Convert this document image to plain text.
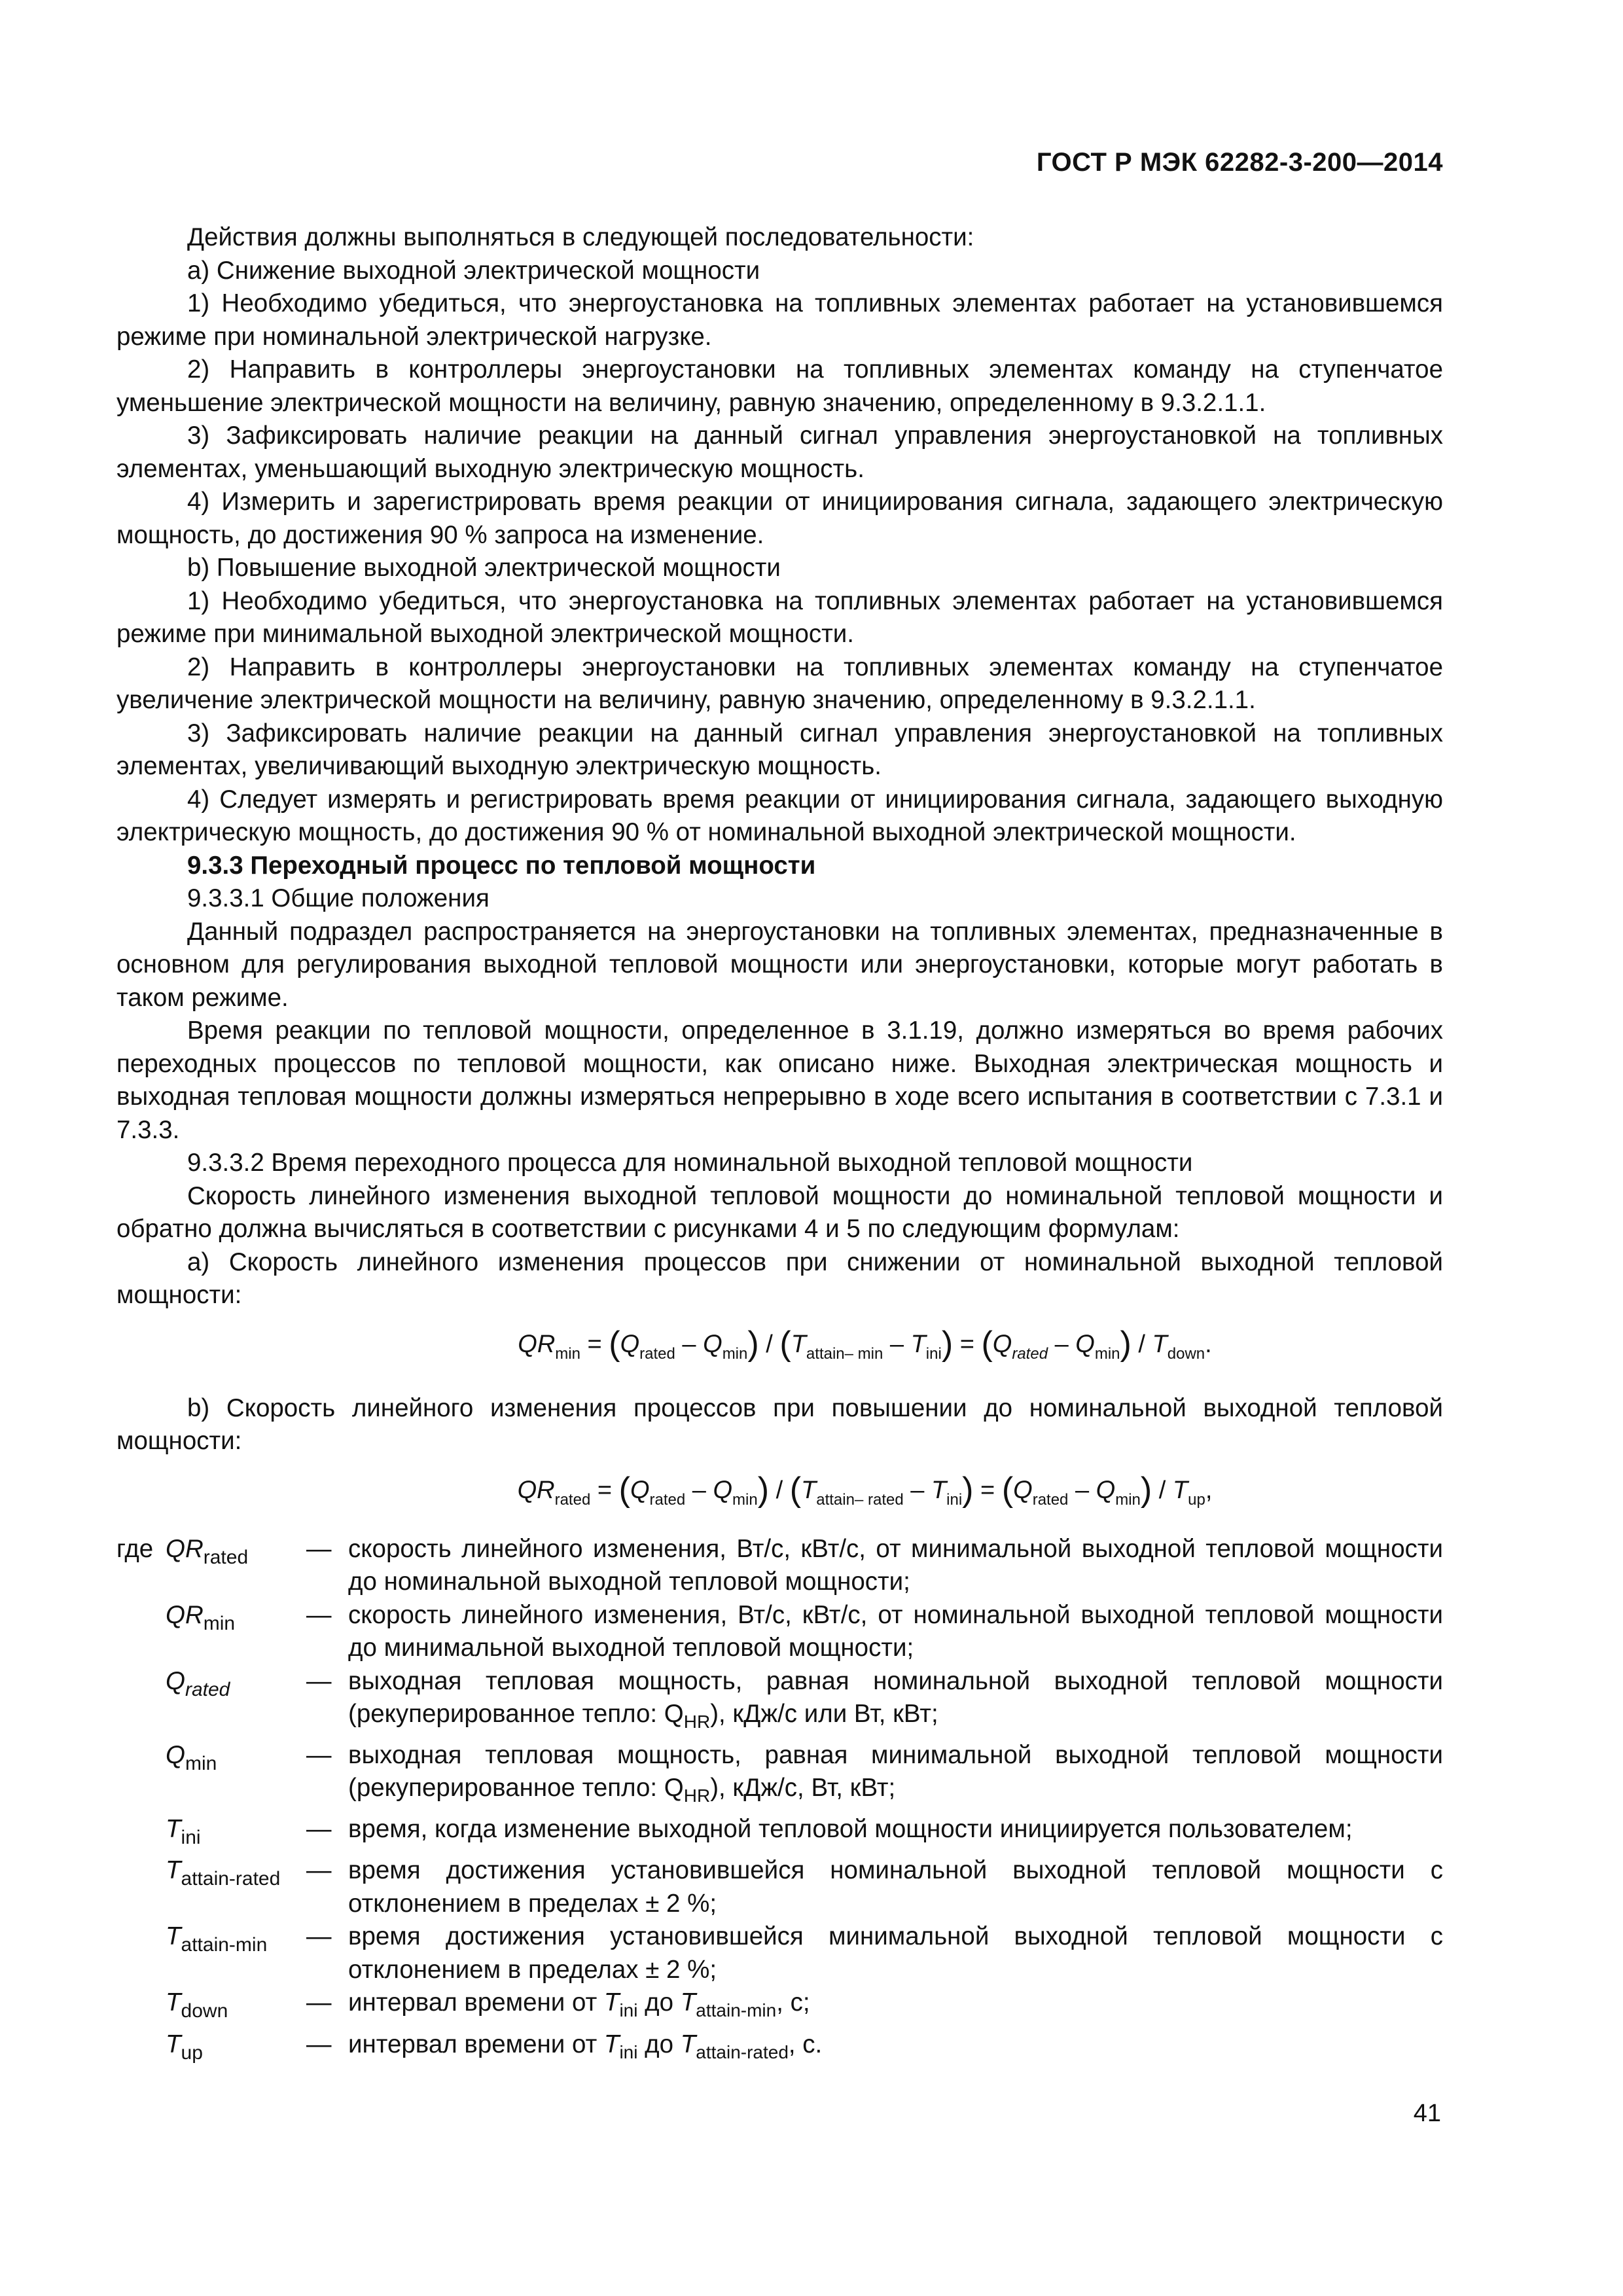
ГОСТ Р МЭК 62282-3-200—2014

Действия должны выполняться в следующей последовательности:

a) Снижение выходной электрической мощности

1) Необходимо убедиться, что энергоустановка на топливных элементах работает на установившемся режиме при номинальной электрической нагрузке.

2) Направить в контроллеры энергоустановки на топливных элементах команду на ступенчатое уменьшение электрической мощности на величину, равную значению, определенному в 9.3.2.1.1.

3) Зафиксировать наличие реакции на данный сигнал управления энергоустановкой на топливных элементах, уменьшающий выходную электрическую мощность.

4) Измерить и зарегистрировать время реакции от инициирования сигнала, задающего электрическую мощность, до достижения 90 % запроса на изменение.

b) Повышение выходной электрической мощности

1) Необходимо убедиться, что энергоустановка на топливных элементах работает на установившемся режиме при минимальной выходной электрической мощности.

2) Направить в контроллеры энергоустановки на топливных элементах команду на ступенчатое увеличение электрической мощности на величину, равную значению, определенному в 9.3.2.1.1.

3) Зафиксировать наличие реакции на данный сигнал управления энергоустановкой на топливных элементах, увеличивающий выходную электрическую мощность.

4) Следует измерять и регистрировать время реакции от инициирования сигнала, задающего выходную электрическую мощность, до достижения 90 % от номинальной выходной электрической мощности.

9.3.3 Переходный процесс по тепловой мощности

9.3.3.1 Общие положения

Данный подраздел распространяется на энергоустановки на топливных элементах, предназначенные в основном для регулирования выходной тепловой мощности или энергоустановки, которые могут работать в таком режиме.

Время реакции по тепловой мощности, определенное в 3.1.19, должно измеряться во время рабочих переходных процессов по тепловой мощности, как описано ниже. Выходная электрическая мощность и выходная тепловая мощности должны измеряться непрерывно в ходе всего испытания в соответствии с 7.3.1 и 7.3.3.

9.3.3.2 Время переходного процесса для номинальной выходной тепловой мощности

Скорость линейного изменения выходной тепловой мощности до номинальной тепловой мощности и обратно должна вычисляться в соответствии с рисунками 4 и 5 по следующим формулам:

a) Скорость линейного изменения процессов при снижении от номинальной выходной тепловой мощности:

$QR_{min} = (Q_{rated} - Q_{min}) / (T_{attain- min} - T_{ini}) = (Q_{rated} - Q_{min}) / T_{down}$.

b) Скорость линейного изменения процессов при повышении до номинальной выходной тепловой мощности:

$QR_{rated} = (Q_{rated} - Q_{min}) / (T_{attain- rated} - T_{ini}) = (Q_{rated} - Q_{min}) / T_{up}$,

где $QR_{rated}$	— скорость линейного изменения, Вт/с, кВт/с, от минимальной выходной тепловой мощности до номинальной выходной тепловой мощности;
$QR_{min}$	— скорость линейного изменения, Вт/с, кВт/с, от номинальной выходной тепловой мощности до минимальной выходной тепловой мощности;
$Q_{rated}$	— выходная тепловая мощность, равная номинальной выходной тепловой мощности (рекуперированное тепло: $Q_{HR}$), кДж/с или Вт, кВт;
$Q_{min}$	— выходная тепловая мощность, равная минимальной выходной тепловой мощности (рекуперированное тепло: $Q_{HR}$), кДж/с, Вт, кВт;
$T_{ini}$	— время, когда изменение выходной тепловой мощности инициируется пользователем;
$T_{attain-rated}$	— время достижения установившейся номинальной выходной тепловой мощности с отклонением в пределах ± 2 %;
$T_{attain-min}$	— время достижения установившейся минимальной выходной тепловой мощности с отклонением в пределах ± 2 %;
$T_{down}$	— интервал времени от $T_{ini}$ до $T_{attain-min}$, с;
$T_{up}$	— интервал времени от $T_{ini}$ до $T_{attain-rated}$, с.
41
